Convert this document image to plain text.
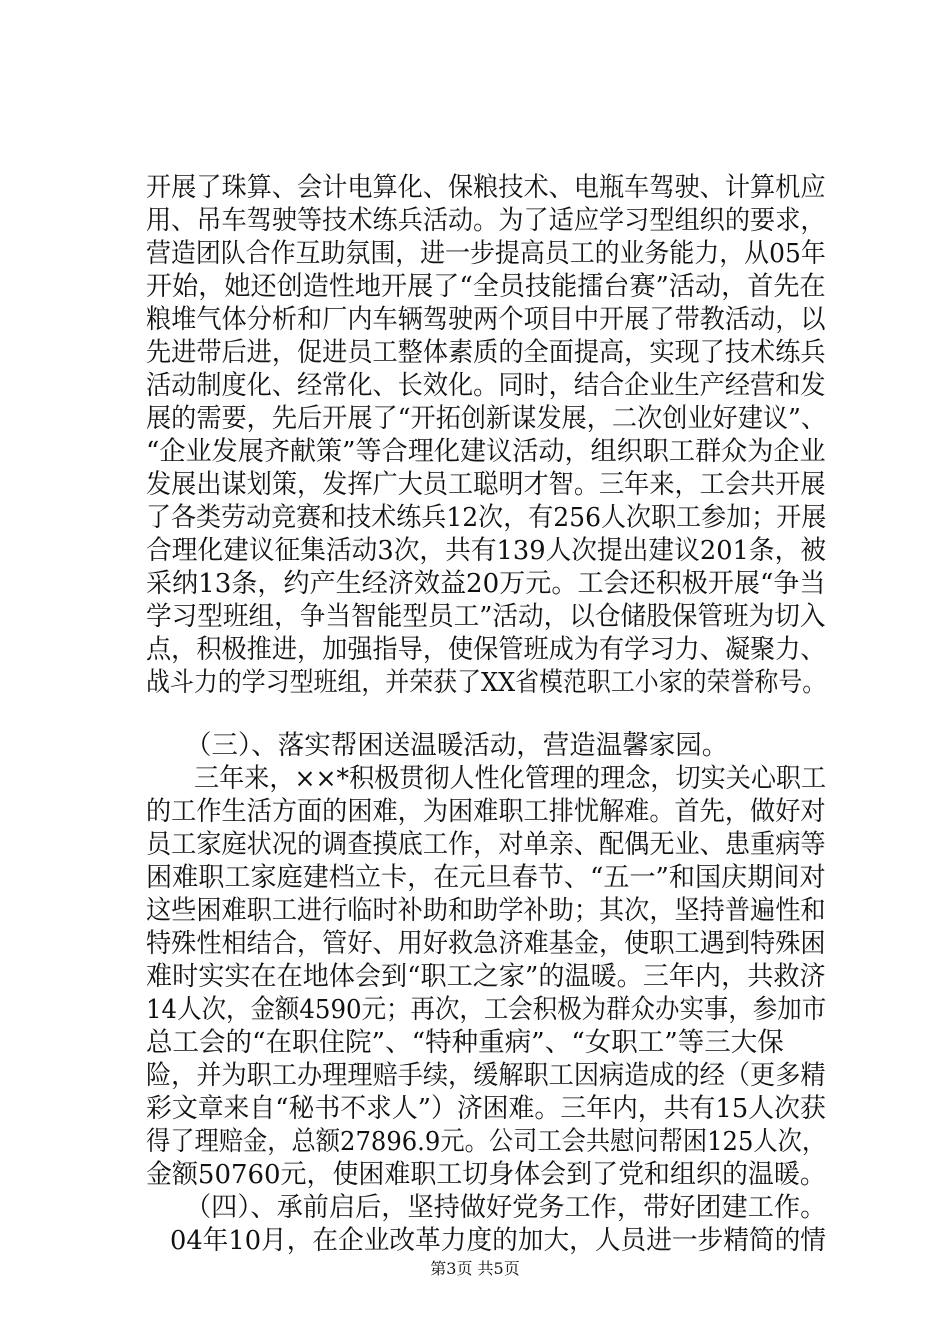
开展了珠算、会计电算化、保粮技术、电瓶车驾驶、计算机应
用、吊车驾驶等技术练兵活动。为了适应学习型组织的要求，
营造团队合作互助氛围，进一步提高员工的业务能力，从05年
开始，她还创造性地开展了“全员技能擂台赛”活动，首先在
粮堆气体分析和厂内车辆驾驶两个项目中开展了带教活动，以
先进带后进，促进员工整体素质的全面提高，实现了技术练兵
活动制度化、经常化、长效化。同时，结合企业生产经营和发
展的需要，先后开展了“开拓创新谋发展，二次创业好建议”、
“企业发展齐献策”等合理化建议活动，组织职工群众为企业
发展出谋划策，发挥广大员工聪明才智。三年来，工会共开展
了各类劳动竞赛和技术练兵12次，有256人次职工参加；开展
合理化建议征集活动3次，共有139人次提出建议201条，被
采纳13条，约产生经济效益20万元。工会还积极开展“争当
学习型班组，争当智能型员工”活动，以仓储股保管班为切入
点，积极推进，加强指导，使保管班成为有学习力、凝聚力、
战斗力的学习型班组，并荣获了XX省模范职工小家的荣誉称号。
（三）、落实帮困送温暖活动，营造温馨家园。
三年来，××*积极贯彻人性化管理的理念，切实关心职工
的工作生活方面的困难，为困难职工排忧解难。首先，做好对
员工家庭状况的调查摸底工作，对单亲、配偶无业、患重病等
困难职工家庭建档立卡，在元旦春节、“五一”和国庆期间对
这些困难职工进行临时补助和助学补助；其次，坚持普遍性和
特殊性相结合，管好、用好救急济难基金，使职工遇到特殊困
难时实实在在地体会到“职工之家”的温暖。三年内，共救济
14人次，金额4590元；再次，工会积极为群众办实事，参加市
总工会的“在职住院”、“特种重病”、“女职工”等三大保
险，并为职工办理理赔手续，缓解职工因病造成的经（更多精
彩文章来自“秘书不求人”）济困难。三年内，共有15人次获
得了理赔金，总额27896.9元。公司工会共慰问帮困125人次，
金额50760元，使困难职工切身体会到了党和组织的温暖。
（四）、承前启后，坚持做好党务工作，带好团建工作。
04年10月，在企业改革力度的加大，人员进一步精简的情
第3页 共5页
